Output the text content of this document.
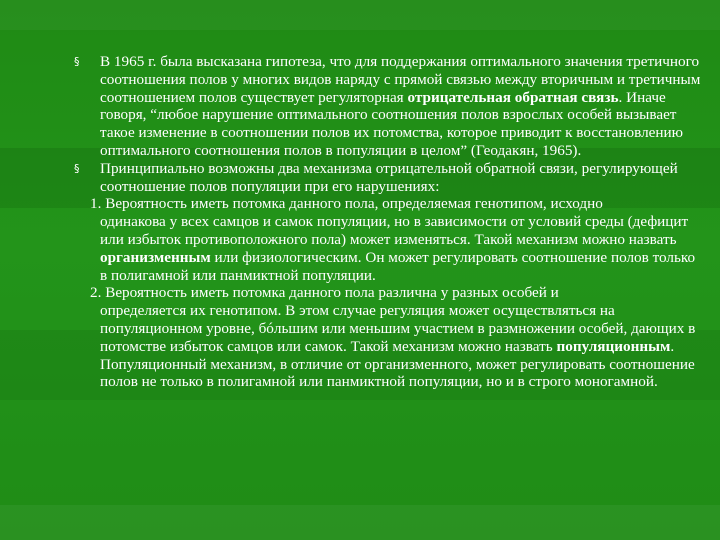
§ В 1965 г. была высказана гипотеза, что для поддержания оптимального значения третичного соотношения полов у многих видов наряду с прямой связью между вторичным и третичным соотношением полов существует регуляторная отрицательная обратная связь. Иначе говоря, “любое нарушение оптимального соотношения полов взрослых особей вызывает такое изменение в соотношении полов их потомства, которое приводит к восстановлению оптимального соотношения полов в популяции в целом” (Геодакян, 1965).

§ Принципиально возможны два механизма отрицательной обратной связи, регулирующей соотношение полов популяции при его нарушениях:

1. Вероятность иметь потомка данного пола, определяемая генотипом, исходно
одинакова у всех самцов и самок популяции, но в зависимости от условий среды (дефицит или избыток противоположного пола) может изменяться. Такой механизм можно назвать организменным или физиологическим. Он может регулировать соотношение полов только в полигамной или панмиктной популяции.

2. Вероятность иметь потомка данного пола различна у разных особей и
определяется их генотипом. В этом случае регуляция может осуществляться на популяционном уровне, бóльшим или меньшим участием в размножении особей, дающих в потомстве избыток самцов или самок. Такой механизм можно назвать популяционным. Популяционный механизм, в отличие от организменного, может регулировать соотношение полов не только в полигамной или панмиктной популяции, но и в строго моногамной.
